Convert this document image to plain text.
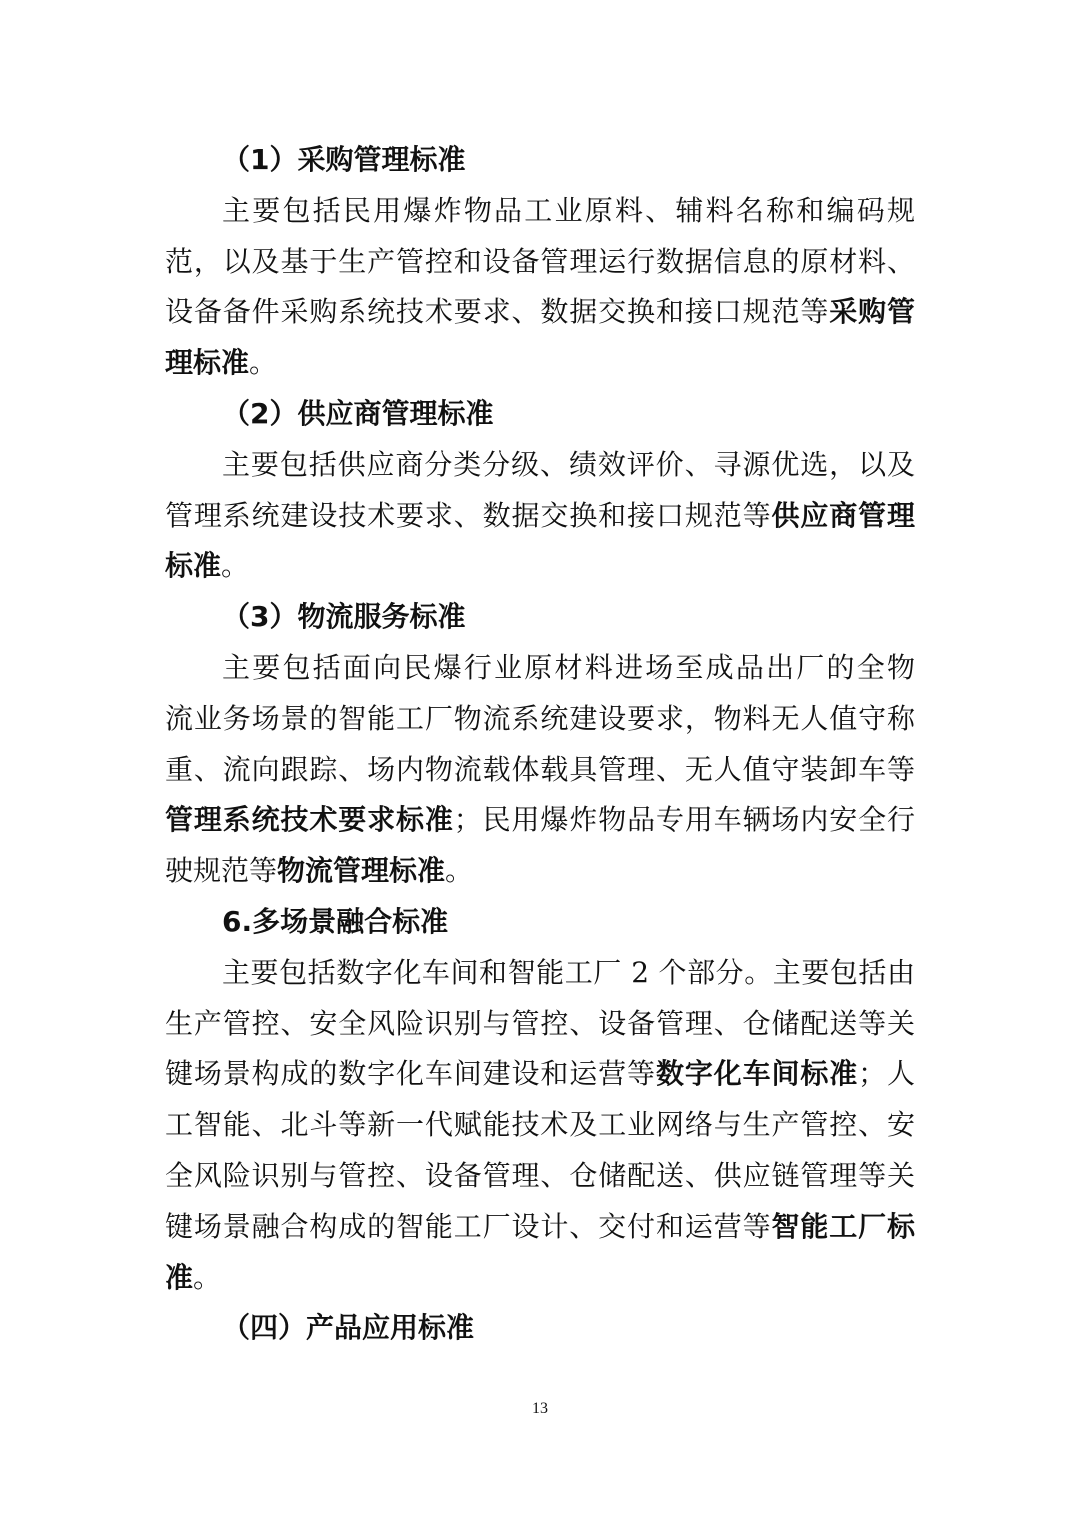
（1）采购管理标准
主要包括民用爆炸物品工业原料、辅料名称和编码规
范，以及基于生产管控和设备管理运行数据信息的原材料、
设备备件采购系统技术要求、数据交换和接口规范等采购管
理标准。
（2）供应商管理标准
主要包括供应商分类分级、绩效评价、寻源优选，以及
管理系统建设技术要求、数据交换和接口规范等供应商管理
标准。
（3）物流服务标准
主要包括面向民爆行业原材料进场至成品出厂的全物
流业务场景的智能工厂物流系统建设要求，物料无人值守称
重、流向跟踪、场内物流载体载具管理、无人值守装卸车等
管理系统技术要求标准；民用爆炸物品专用车辆场内安全行
驶规范等物流管理标准。
6.多场景融合标准
主要包括数字化车间和智能工厂 2 个部分。主要包括由
生产管控、安全风险识别与管控、设备管理、仓储配送等关
键场景构成的数字化车间建设和运营等数字化车间标准；人
工智能、北斗等新一代赋能技术及工业网络与生产管控、安
全风险识别与管控、设备管理、仓储配送、供应链管理等关
键场景融合构成的智能工厂设计、交付和运营等智能工厂标
准。
（四）产品应用标准
13
